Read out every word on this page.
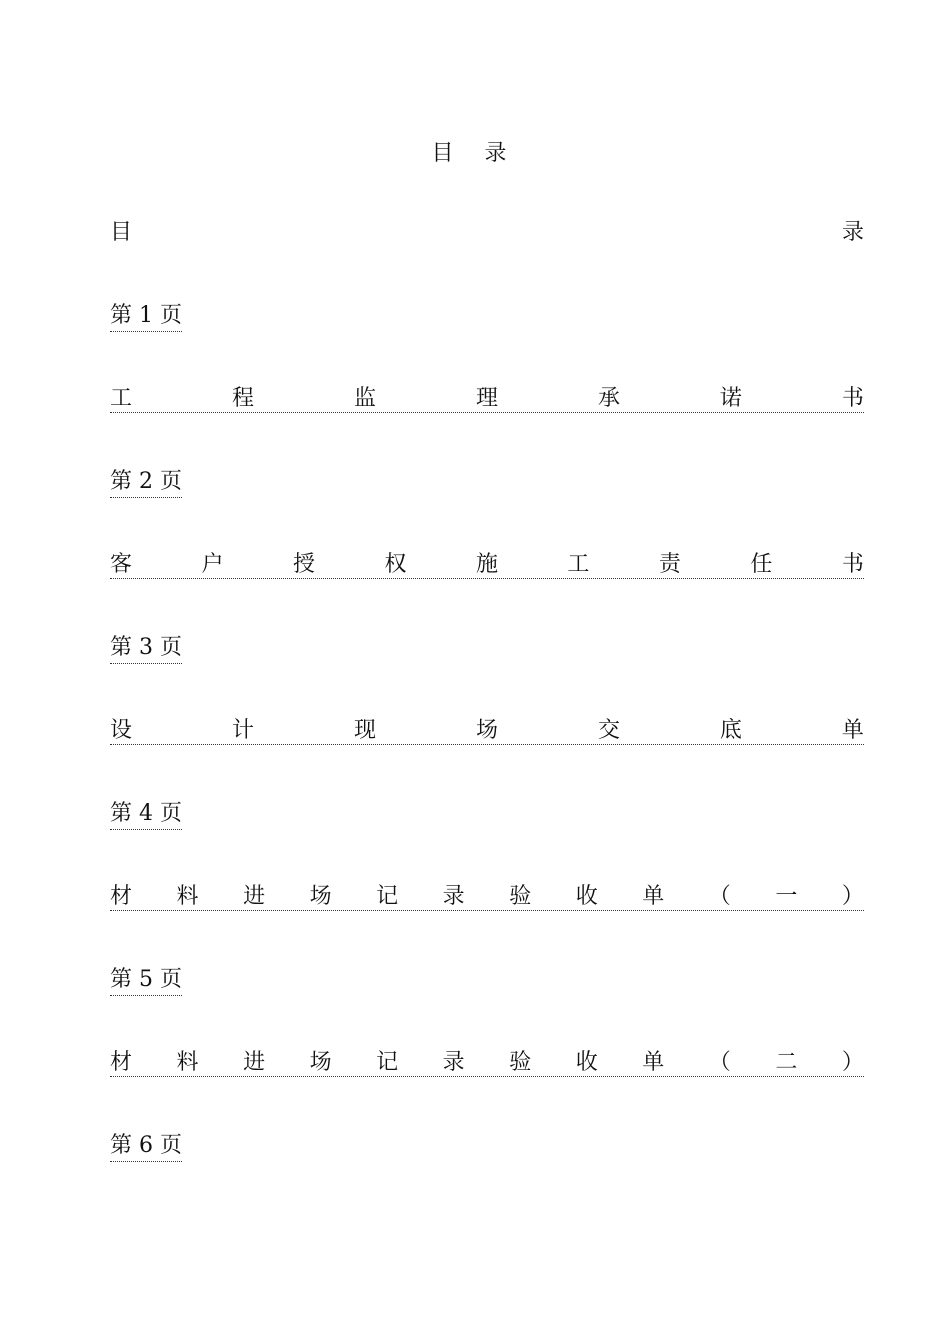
目 录
目	录
第 1 页
工	程	监	理	承	诺	书
第 2 页
客	户	授	权	施	工	责	任	书
第 3 页
设	计	现	场	交	底	单
第 4 页
材 料 进 场 记 录 验 收 单 （ 一 ）
第 5 页
材 料 进 场 记 录 验 收 单 （ 二 ）
第 6 页
